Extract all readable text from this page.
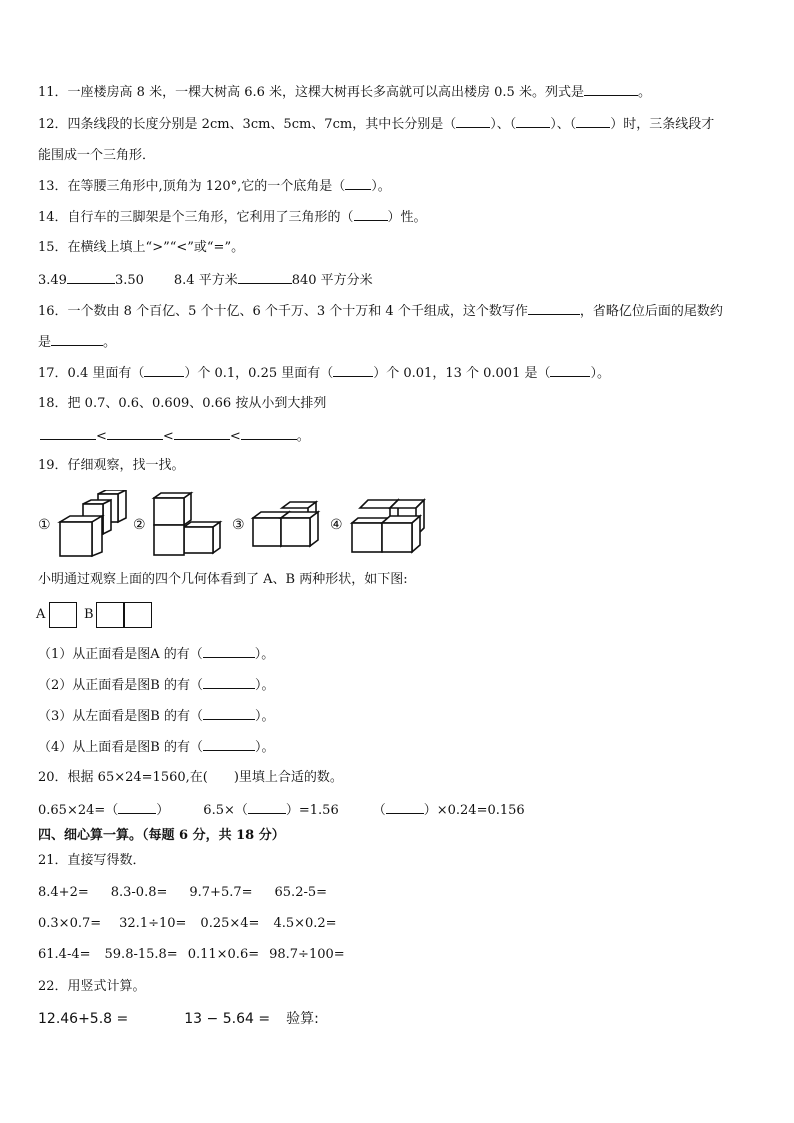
11．一座楼房高 8 米，一棵大树高 6.6 米，这棵大树再长多高就可以高出楼房 0.5 米。列式是	。
12．四条线段的长度分别是 2cm、3cm、5cm、7cm，其中长分别是（	）、（	）、（	）时，三条线段才
能围成一个三角形．
13．在等腰三角形中,顶角为 120°,它的一个底角是（ ）。
14．自行车的三脚架是个三角形，它利用了三角形的（	）性。
15．在横线上填上“>”“<”或“=”。
3.49	3.50 8.4 平方米	840 平方分米
16．一个数由 8 个百亿、5 个十亿、6 个千万、3 个十万和 4 个千组成，这个数写作	，省略亿位后面的尾数约
是	。
17．0.4 里面有（	）个 0.1，0.25 里面有（	）个 0.01，13 个 0.001 是（	）。
18．把 0.7、0.6、0.609、0.66 按从小到大排列
<	<	<	。
19．仔细观察，找一找。
①	②	③	④
小明通过观察上面的四个几何体看到了 A、B 两种形状，如下图:
A	B
（1）从正面看是图A 的有（	）。
（2）从正面看是图B 的有（	）。
（3）从左面看是图B 的有（	）。
（4）从上面看是图B 的有（	）。
20．根据 65×24=1560,在(　　)里填上合适的数。
0.65×24=（	）	6.5×（	）=1.56	（	）×0.24=0.156
四、细心算一算。（每题 6 分，共 18 分）
21．直接写得数．
8.4+2= 8.3-0.8= 9.7+5.7= 65.2-5=
0.3×0.7= 32.1÷10= 0.25×4= 4.5×0.2=
61.4-4= 59.8-15.8= 0.11×0.6= 98.7÷100=
22．用竖式计算。
12.46+5.8 =	13 − 5.64 = 验算:
